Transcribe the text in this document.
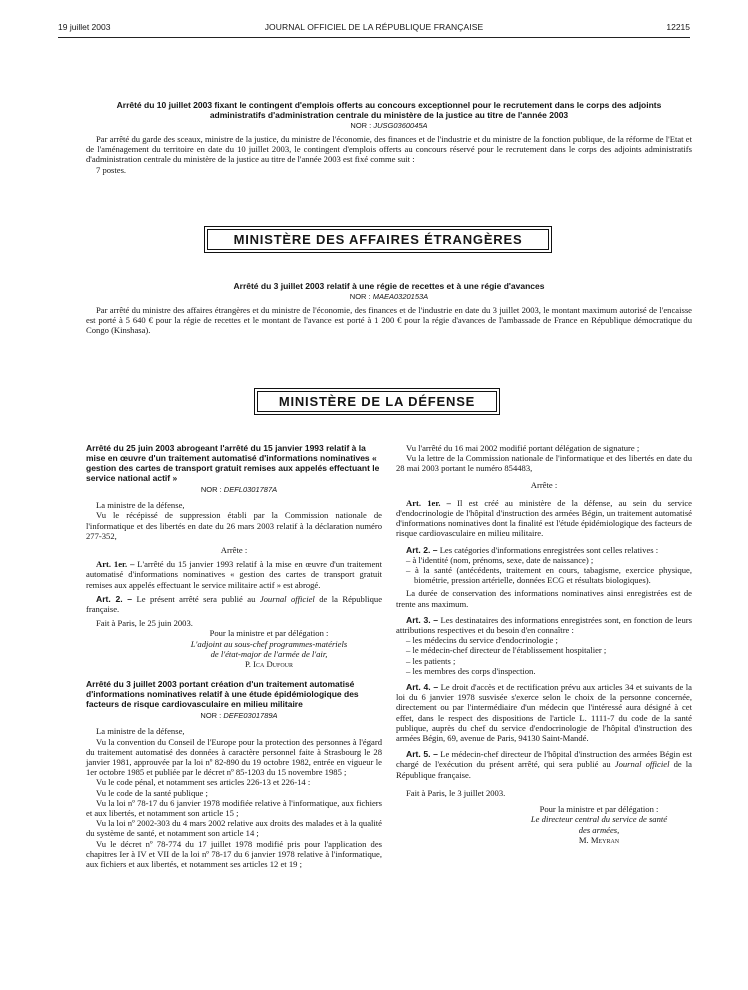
19 juillet 2003	JOURNAL OFFICIEL DE LA RÉPUBLIQUE FRANÇAISE	12215

Arrêté du 10 juillet 2003 fixant le contingent d'emplois offerts au concours exceptionnel pour le recrutement dans le corps des adjoints administratifs d'administration centrale du ministère de la justice au titre de l'année 2003

NOR : JUSG0360045A

Par arrêté du garde des sceaux, ministre de la justice, du ministre de l'économie, des finances et de l'industrie et du ministre de la fonction publique, de la réforme de l'Etat et de l'aménagement du territoire en date du 10 juillet 2003, le contingent d'emplois offerts au concours réservé pour le recrutement dans le corps des adjoints administratifs d'administration centrale du ministère de la justice au titre de l'année 2003 est fixé comme suit :

7 postes.

MINISTÈRE DES AFFAIRES ÉTRANGÈRES

Arrêté du 3 juillet 2003 relatif à une régie de recettes et à une régie d'avances

NOR : MAEA0320153A

Par arrêté du ministre des affaires étrangères et du ministre de l'économie, des finances et de l'industrie en date du 3 juillet 2003, le montant maximum autorisé de l'encaisse est porté à 5 640 € pour la régie de recettes et le montant de l'avance est porté à 1 200 € pour la régie d'avances de l'ambassade de France en République démocratique du Congo (Kinshasa).

MINISTÈRE DE LA DÉFENSE

Arrêté du 25 juin 2003 abrogeant l'arrêté du 15 janvier 1993 relatif à la mise en œuvre d'un traitement automatisé d'informations nominatives « gestion des cartes de transport gratuit remises aux appelés effectuant le service national actif »

NOR : DEFL0301787A

La ministre de la défense,

Vu le récépissé de suppression établi par la Commission nationale de l'informatique et des libertés en date du 26 mars 2003 relatif à la déclaration numéro 277-352,

Arrête :

Art. 1er. – L'arrêté du 15 janvier 1993 relatif à la mise en œuvre d'un traitement automatisé d'informations nominatives « gestion des cartes de transport gratuit remises aux appelés effectuant le service militaire actif » est abrogé.

Art. 2. – Le présent arrêté sera publié au Journal officiel de la République française.

Fait à Paris, le 25 juin 2003.

Pour la ministre et par délégation :

L'adjoint au sous-chef programmes-matériels

de l'état-major de l'armée de l'air,

P. Ica Dufour

Arrêté du 3 juillet 2003 portant création d'un traitement automatisé d'informations nominatives relatif à une étude épidémiologique des facteurs de risque cardiovasculaire en milieu militaire

NOR : DEFE0301789A

La ministre de la défense,

Vu la convention du Conseil de l'Europe pour la protection des personnes à l'égard du traitement automatisé des données à caractère personnel faite à Strasbourg le 28 janvier 1981, approuvée par la loi nº 82-890 du 19 octobre 1982, entrée en vigueur le 1er octobre 1985 et publiée par le décret nº 85-1203 du 15 novembre 1985 ;

Vu le code pénal, et notamment ses articles 226-13 et 226-14 :

Vu le code de la santé publique ;

Vu la loi nº 78-17 du 6 janvier 1978 modifiée relative à l'informatique, aux fichiers et aux libertés, et notamment son article 15 ;

Vu la loi nº 2002-303 du 4 mars 2002 relative aux droits des malades et à la qualité du système de santé, et notamment son article 14 ;

Vu le décret nº 78-774 du 17 juillet 1978 modifié pris pour l'application des chapitres Ier à IV et VII de la loi nº 78-17 du 6 janvier 1978 relative à l'informatique, aux fichiers et aux libertés, et notamment ses articles 12 et 19 ;

Vu l'arrêté du 16 mai 2002 modifié portant délégation de signature ;

Vu la lettre de la Commission nationale de l'informatique et des libertés en date du 28 mai 2003 portant le numéro 854483,

Arrête :

Art. 1er. – Il est créé au ministère de la défense, au sein du service d'endocrinologie de l'hôpital d'instruction des armées Bégin, un traitement automatisé d'informations nominatives dont la finalité est l'étude épidémiologique des facteurs de risque cardiovasculaire en milieu militaire.

Art. 2. – Les catégories d'informations enregistrées sont celles relatives :

– à l'identité (nom, prénoms, sexe, date de naissance) ;
– à la santé (antécédents, traitement en cours, tabagisme, exercice physique, biométrie, pression artérielle, données ECG et résultats biologiques).

La durée de conservation des informations nominatives ainsi enregistrées est de trente ans maximum.

Art. 3. – Les destinataires des informations enregistrées sont, en fonction de leurs attributions respectives et du besoin d'en connaître :

– les médecins du service d'endocrinologie ;
– le médecin-chef directeur de l'établissement hospitalier ;
– les patients ;
– les membres des corps d'inspection.

Art. 4. – Le droit d'accès et de rectification prévu aux articles 34 et suivants de la loi du 6 janvier 1978 susvisée s'exerce selon le choix de la personne concernée, directement ou par l'intermédiaire d'un médecin que l'intéressé aura désigné à cet effet, dans le respect des dispositions de l'article L. 1111-7 du code de la santé publique, auprès du chef du service d'endocrinologie de l'hôpital d'instruction des armées Bégin, 69, avenue de Paris, 94130 Saint-Mandé.

Art. 5. – Le médecin-chef directeur de l'hôpital d'instruction des armées Bégin est chargé de l'exécution du présent arrêté, qui sera publié au Journal officiel de la République française.

Fait à Paris, le 3 juillet 2003.

Pour la ministre et par délégation :

Le directeur central du service de santé

des armées,

M. Meyran
